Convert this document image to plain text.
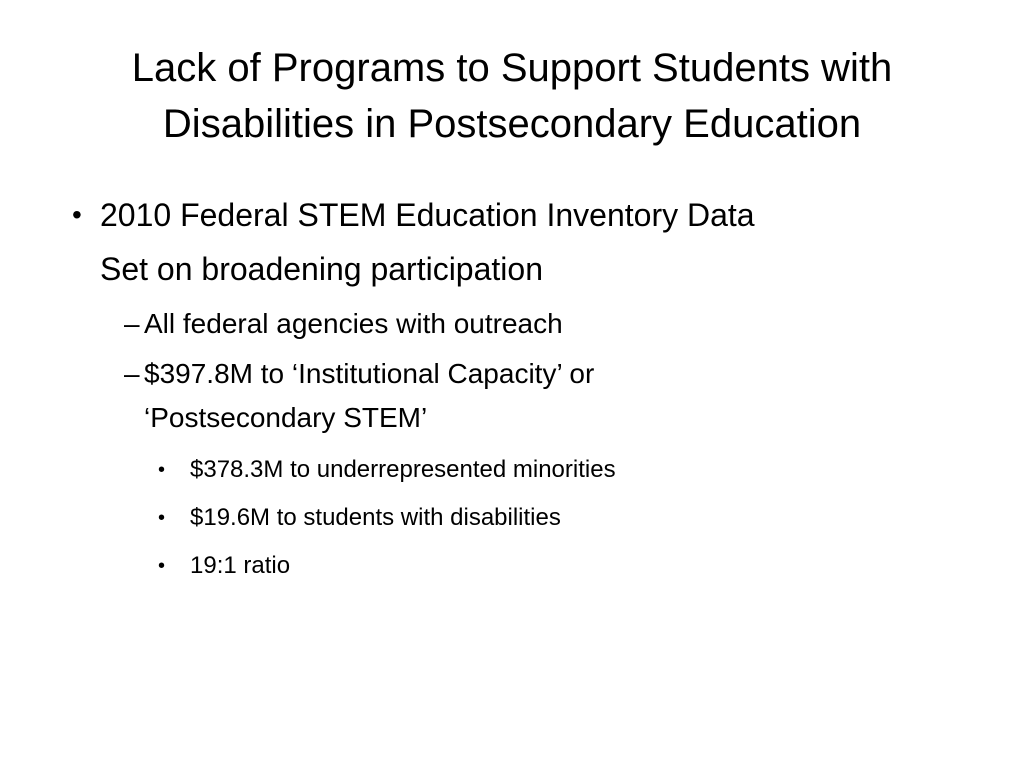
Lack of Programs to Support Students with
Disabilities in Postsecondary Education
• 2010 Federal STEM Education Inventory Data
Set on broadening participation
– All federal agencies with outreach
– $397.8M to ‘Institutional Capacity’ or
‘Postsecondary STEM’
• $378.3M to underrepresented minorities
• $19.6M to students with disabilities
• 19:1 ratio
